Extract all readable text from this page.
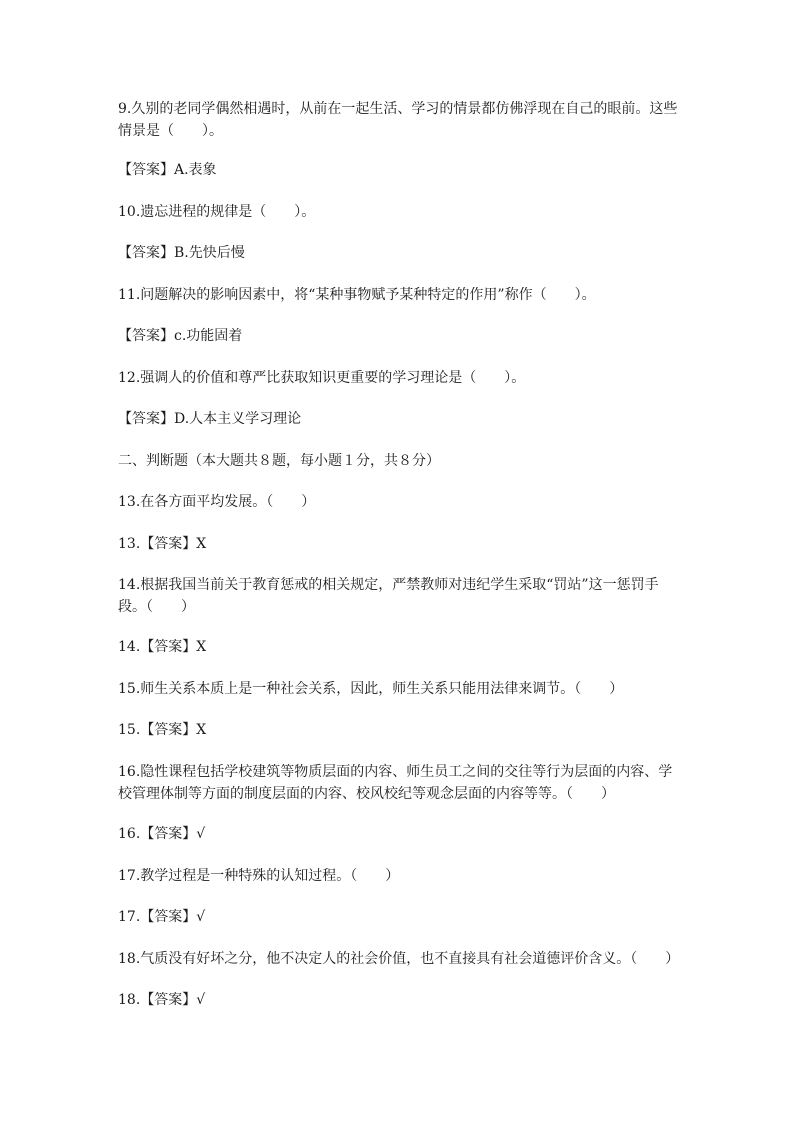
9.久别的老同学偶然相遇时，从前在一起生活、学习的情景都仿佛浮现在自己的眼前。这些情景是（　　）。
【答案】A.表象
10.遗忘进程的规律是（　　）。
【答案】B.先快后慢
11.问题解决的影响因素中，将“某种事物赋予某种特定的作用”称作（　　）。
【答案】c.功能固着
12.强调人的价值和尊严比获取知识更重要的学习理论是（　　）。
【答案】D.人本主义学习理论
二、判断题（本大题共８题，每小题１分，共８分）
13.在各方面平均发展。（　　）
13.【答案】X
14.根据我国当前关于教育惩戒的相关规定，严禁教师对违纪学生采取“罚站”这一惩罚手段。（　　）
14.【答案】X
15.师生关系本质上是一种社会关系，因此，师生关系只能用法律来调节。（　　）
15.【答案】X
16.隐性课程包括学校建筑等物质层面的内容、师生员工之间的交往等行为层面的内容、学校管理体制等方面的制度层面的内容、校风校纪等观念层面的内容等等。（　　）
16.【答案】√
17.教学过程是一种特殊的认知过程。（　　）
17.【答案】√
18.气质没有好坏之分，他不决定人的社会价值，也不直接具有社会道德评价含义。（　　）
18.【答案】√
